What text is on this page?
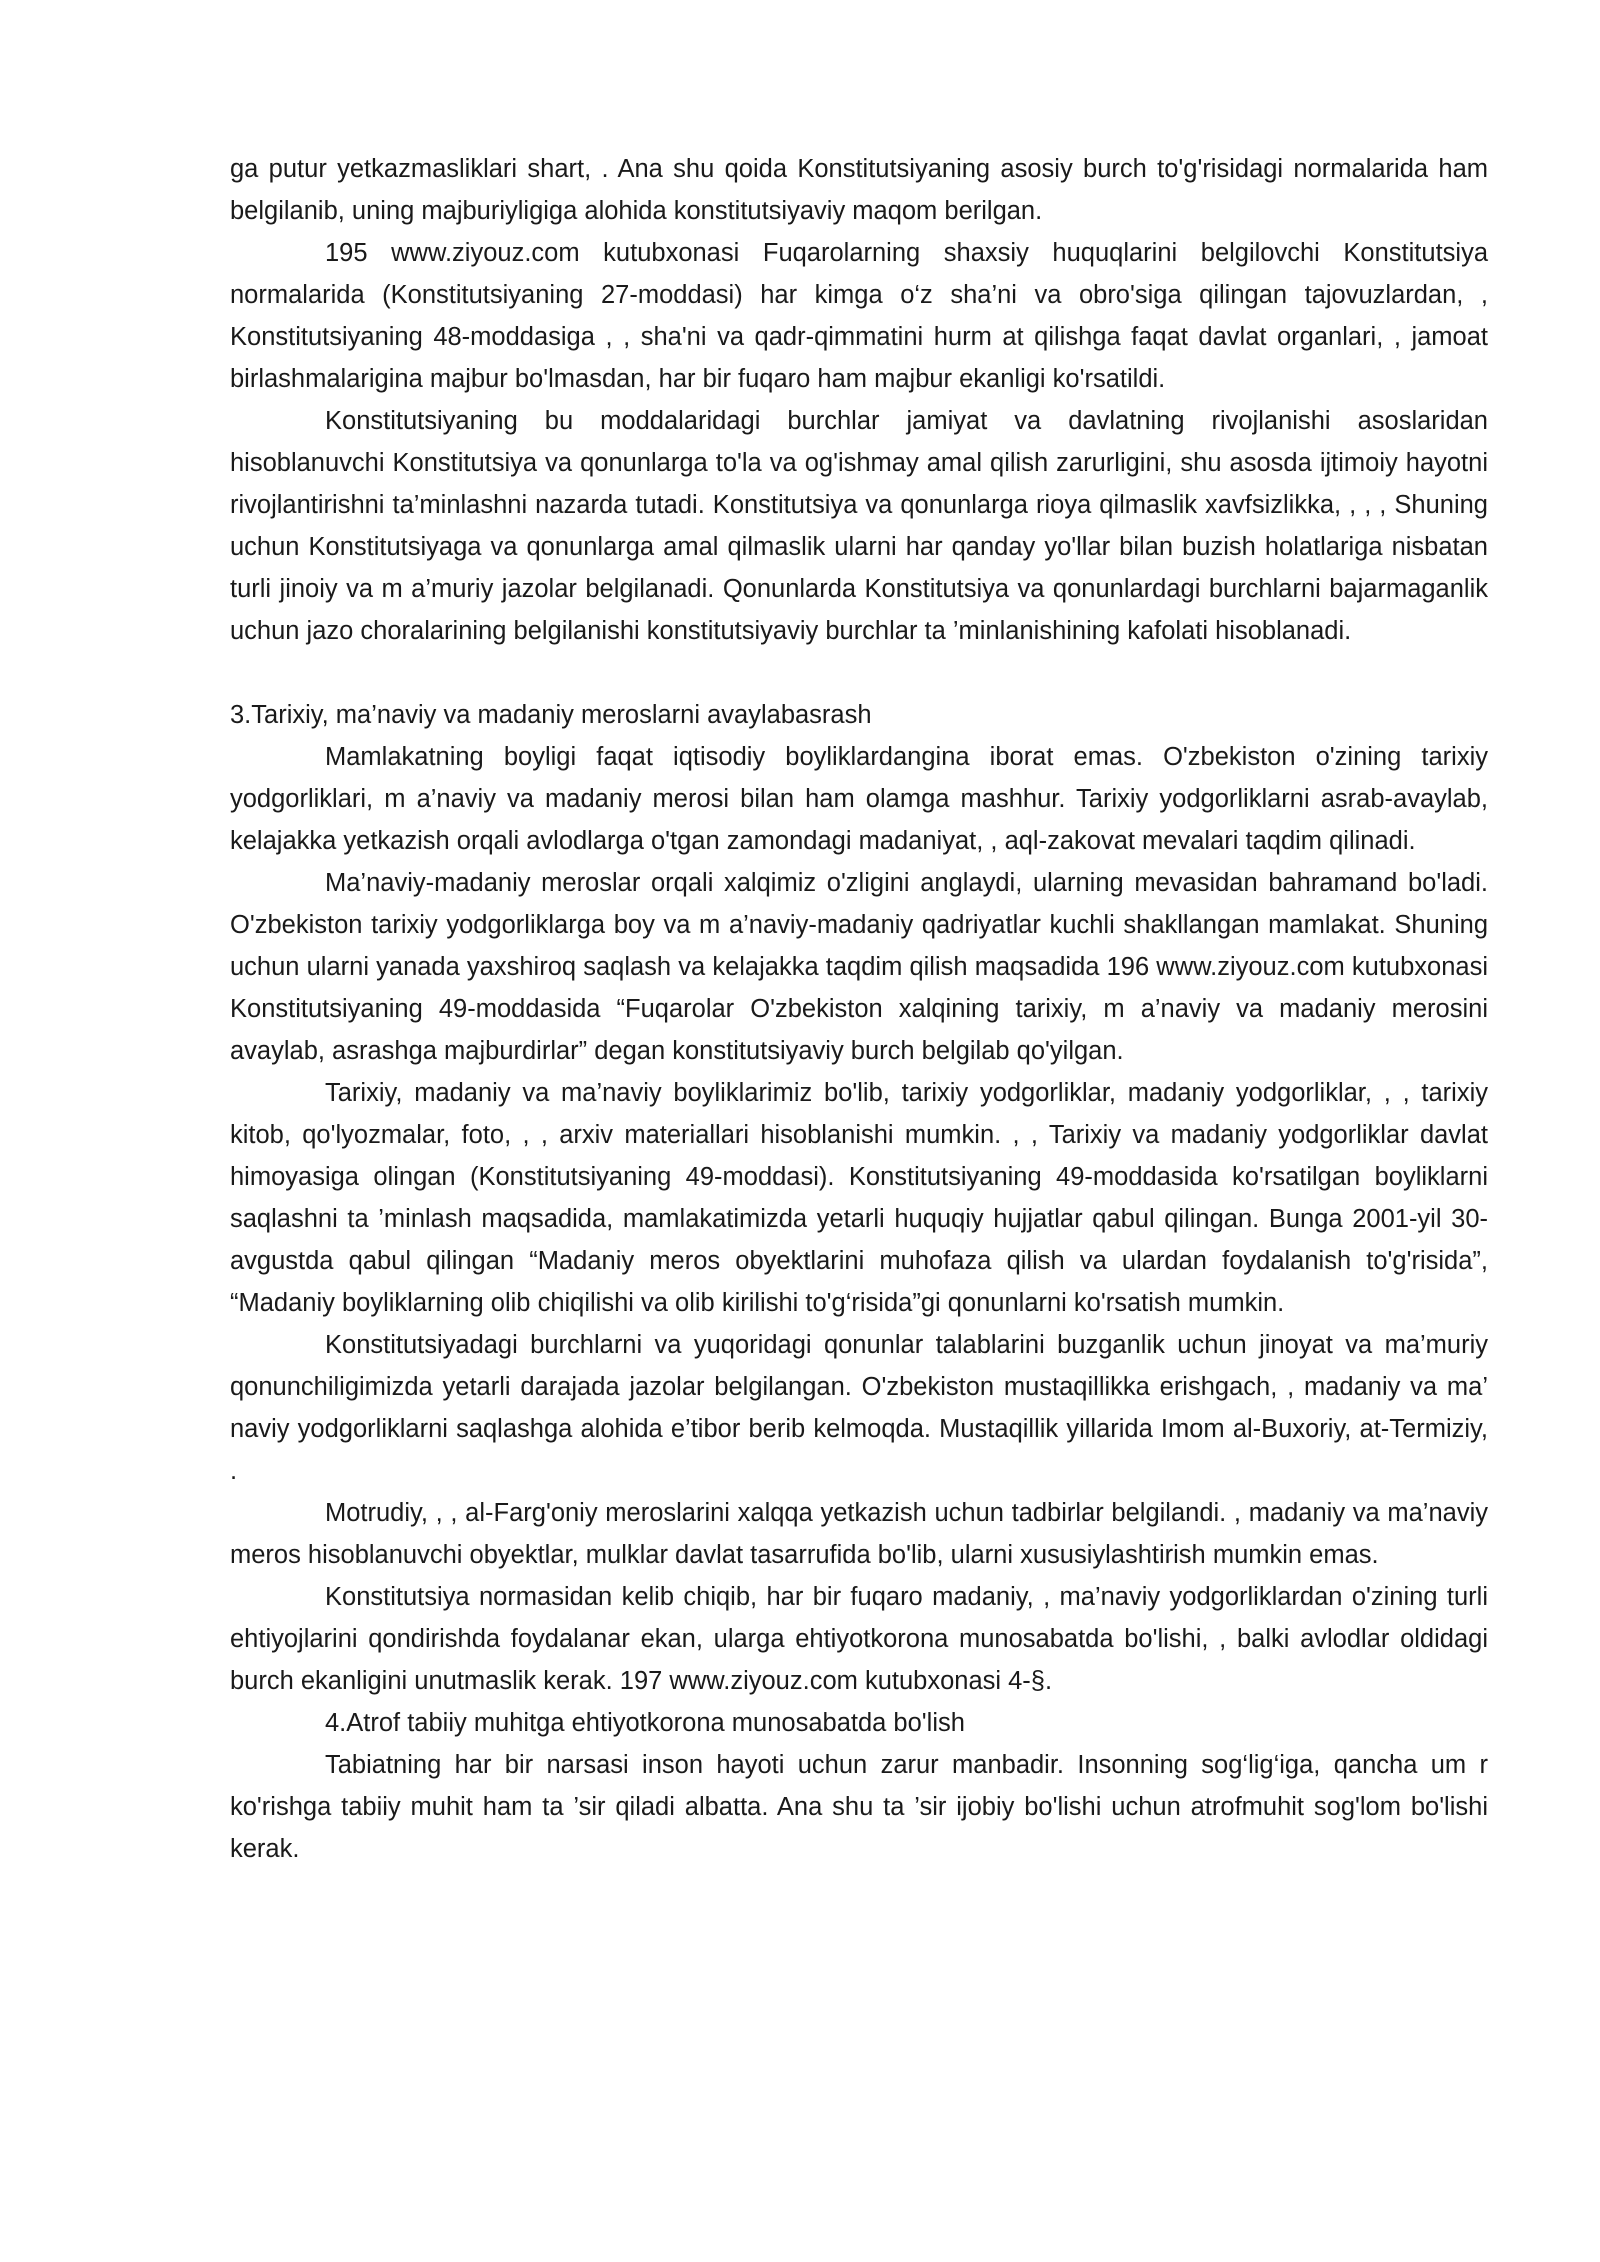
ga putur yetkazmasliklari shart, . Ana shu qoida Konstitutsiyaning asosiy burch to'g'risidagi normalarida ham belgilanib, uning majburiyligiga alohida konstitutsiyaviy maqom berilgan.

195 www.ziyouz.com kutubxonasi Fuqarolarning shaxsiy huquqlarini belgilovchi Konstitutsiya normalarida (Konstitutsiyaning 27-moddasi) har kimga o‘z sha’ni va obro'siga qilingan tajovuzlardan, , Konstitutsiyaning 48-moddasiga , , sha'ni va qadr-qimmatini hurm at qilishga faqat davlat organlari, , jamoat birlashmalarigina majbur bo'lmasdan, har bir fuqaro ham majbur ekanligi ko'rsatildi.

Konstitutsiyaning bu moddalaridagi burchlar jamiyat va davlatning rivojlanishi asoslaridan hisoblanuvchi Konstitutsiya va qonunlarga to'la va og'ishmay amal qilish zarurligini, shu asosda ijtimoiy hayotni rivojlantirishni ta’minlashni nazarda tutadi. Konstitutsiya va qonunlarga rioya qilmaslik xavfsizlikka, , , , Shuning uchun Konstitutsiyaga va qonunlarga amal qilmaslik ularni har qanday yo'llar bilan buzish holatlariga nisbatan turli jinoiy va m a’muriy jazolar belgilanadi. Qonunlarda Konstitutsiya va qonunlardagi burchlarni bajarmaganlik uchun jazo choralarining belgilanishi konstitutsiyaviy burchlar ta ’minlanishining kafolati hisoblanadi.

3.Tarixiy, ma’naviy va madaniy meroslarni avaylabasrash

Mamlakatning boyligi faqat iqtisodiy boyliklardangina iborat emas. O'zbekiston o'zining tarixiy yodgorliklari, m a’naviy va madaniy merosi bilan ham olamga mashhur. Tarixiy yodgorliklarni asrab-avaylab, kelajakka yetkazish orqali avlodlarga o'tgan zamondagi madaniyat, , aql-zakovat mevalari taqdim qilinadi.

Ma’naviy-madaniy meroslar orqali xalqimiz o'zligini anglaydi, ularning mevasidan bahramand bo'ladi. O'zbekiston tarixiy yodgorliklarga boy va m a’naviy-madaniy qadriyatlar kuchli shakllangan mamlakat. Shuning uchun ularni yanada yaxshiroq saqlash va kelajakka taqdim qilish maqsadida 196 www.ziyouz.com kutubxonasi Konstitutsiyaning 49-moddasida “Fuqarolar O'zbekiston xalqining tarixiy, m a’naviy va madaniy merosini avaylab, asrashga majburdirlar” degan konstitutsiyaviy burch belgilab qo'yilgan.

Tarixiy, madaniy va ma’naviy boyliklarimiz bo'lib, tarixiy yodgorliklar, madaniy yodgorliklar, , , tarixiy kitob, qo'lyozmalar, foto, , , arxiv materiallari hisoblanishi mumkin. , , Tarixiy va madaniy yodgorliklar davlat himoyasiga olingan (Konstitutsiyaning 49-moddasi). Konstitutsiyaning 49-moddasida ko'rsatilgan boyliklarni saqlashni ta ’minlash maqsadida, mamlakatimizda yetarli huquqiy hujjatlar qabul qilingan. Bunga 2001-yil 30-avgustda qabul qilingan “Madaniy meros obyektlarini muhofaza qilish va ulardan foydalanish to'g'risida”, “Madaniy boyliklarning olib chiqilishi va olib kirilishi to'g‘risida”gi qonunlarni ko'rsatish mumkin.

Konstitutsiyadagi burchlarni va yuqoridagi qonunlar talablarini buzganlik uchun jinoyat va ma’muriy qonunchiligimizda yetarli darajada jazolar belgilangan. O'zbekiston mustaqillikka erishgach, , madaniy va ma’ naviy yodgorliklarni saqlashga alohida e’tibor berib kelmoqda. Mustaqillik yillarida Imom al-Buxoriy, at-Termiziy, .

Motrudiy, , , al-Farg'oniy meroslarini xalqqa yetkazish uchun tadbirlar belgilandi. , madaniy va ma’naviy meros hisoblanuvchi obyektlar, mulklar davlat tasarrufida bo'lib, ularni xususiylashtirish mumkin emas.

Konstitutsiya normasidan kelib chiqib, har bir fuqaro madaniy, , ma’naviy yodgorliklardan o'zining turli ehtiyojlarini qondirishda foydalanar ekan, ularga ehtiyotkorona munosabatda bo'lishi, , balki avlodlar oldidagi burch ekanligini unutmaslik kerak. 197 www.ziyouz.com kutubxonasi 4-§.

4.Atrof tabiiy muhitga ehtiyotkorona munosabatda bo'lish

Tabiatning har bir narsasi inson hayoti uchun zarur manbadir. Insonning sog‘lig‘iga, qancha um r ko'rishga tabiiy muhit ham ta ’sir qiladi albatta. Ana shu ta ’sir ijobiy bo'lishi uchun atrofmuhit sog'lom bo'lishi kerak.
